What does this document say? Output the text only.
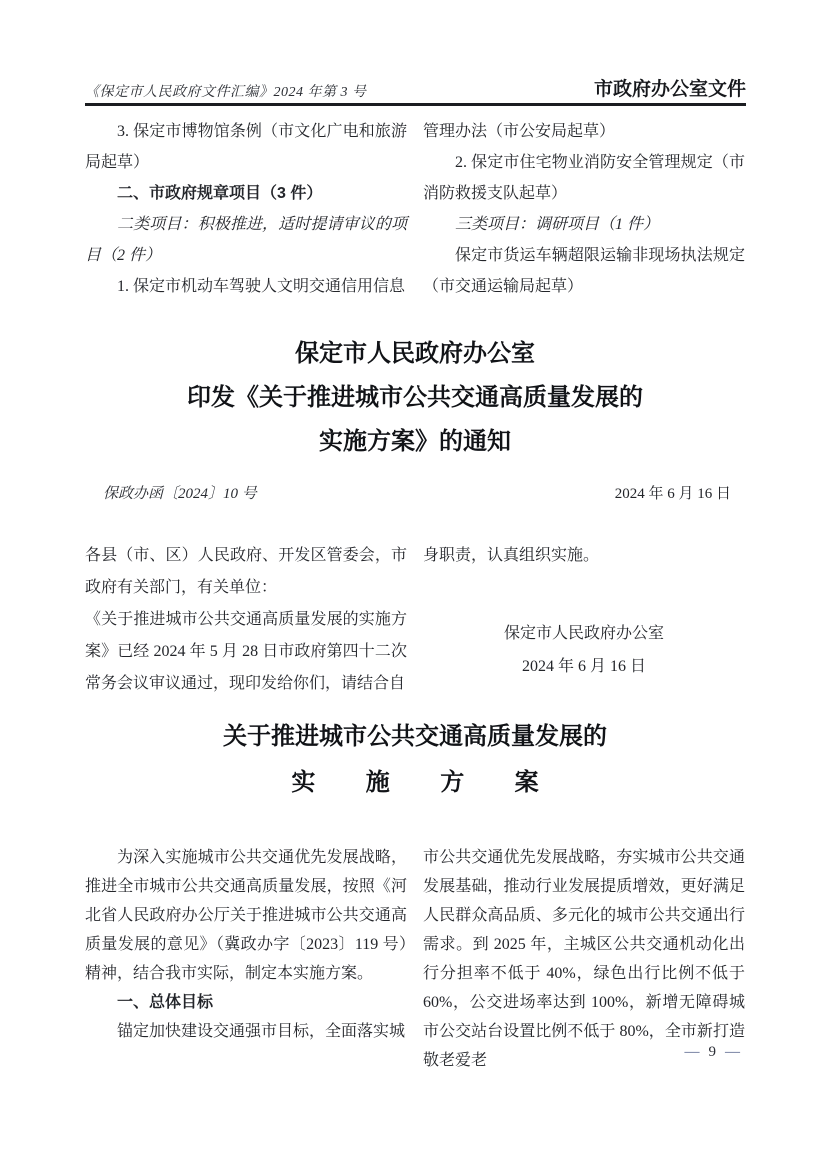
《保定市人民政府文件汇编》2024 年第 3 号	市政府办公室文件

3. 保定市博物馆条例（市文化广电和旅游局起草）

二、市政府规章项目（3 件）

二类项目：积极推进，适时提请审议的项目（2 件）

1. 保定市机动车驾驶人文明交通信用信息

管理办法（市公安局起草）

2. 保定市住宅物业消防安全管理规定（市消防救援支队起草）

三类项目：调研项目（1 件）

保定市货运车辆超限运输非现场执法规定（市交通运输局起草）

保定市人民政府办公室
印发《关于推进城市公共交通高质量发展的
实施方案》的通知
保政办函〔2024〕10 号	2024 年 6 月 16 日

各县（市、区）人民政府、开发区管委会，市政府有关部门，有关单位：

《关于推进城市公共交通高质量发展的实施方案》已经 2024 年 5 月 28 日市政府第四十二次常务会议审议通过，现印发给你们，请结合自

身职责，认真组织实施。

保定市人民政府办公室

2024 年 6 月 16 日

关于推进城市公共交通高质量发展的
实施方案

为深入实施城市公共交通优先发展战略，推进全市城市公共交通高质量发展，按照《河北省人民政府办公厅关于推进城市公共交通高质量发展的意见》（冀政办字〔2023〕119 号）精神，结合我市实际，制定本实施方案。

一、总体目标

锚定加快建设交通强市目标，全面落实城

市公共交通优先发展战略，夯实城市公共交通发展基础，推动行业发展提质增效，更好满足人民群众高品质、多元化的城市公共交通出行需求。到 2025 年，主城区公共交通机动化出行分担率不低于 40%，绿色出行比例不低于 60%，公交进场率达到 100%，新增无障碍城市公交站台设置比例不低于 80%，全市新打造敬老爱老	— 9 —
